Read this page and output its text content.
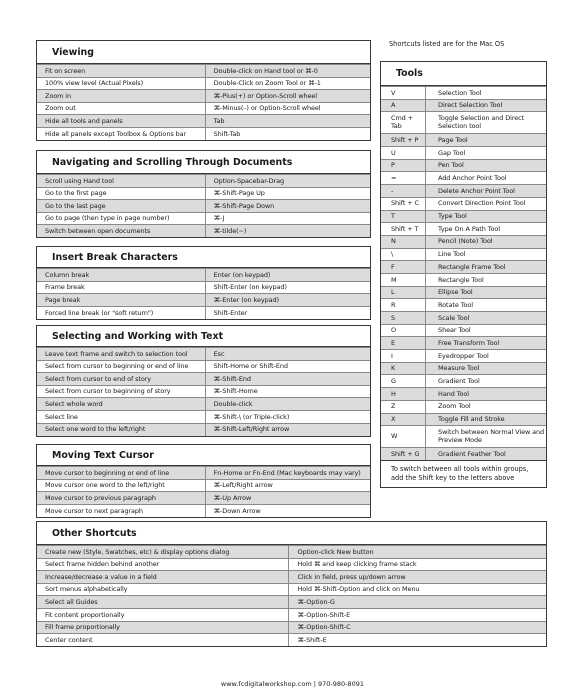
Shortcuts listed are for the Mac OS
Viewing
Fit on screen	Double-click on Hand tool or ⌘-0
100% view level (Actual Pixels)	Double-Click on Zoom Tool or ⌘-1
Zoom in	⌘-Plus(+) or Option-Scroll wheel
Zoom out	⌘-Minus(–) or Option-Scroll wheel
Hide all tools and panels	Tab
Hide all panels except Toolbox & Options bar	Shift-Tab
Navigating and Scrolling Through Documents
Scroll using Hand tool	Option-Spacebar-Drag
Go to the first page	⌘-Shift-Page Up
Go to the last page	⌘-Shift-Page Down
Go to page (then type in page number)	⌘-J
Switch between open documents	⌘-tilde(~)
Insert Break Characters
Column break	Enter (on keypad)
Frame break	Shift-Enter (on keypad)
Page break	⌘-Enter (on keypad)
Forced line break (or "soft return")	Shift-Enter
Selecting and Working with Text
Leave text frame and switch to selection tool	Esc
Select from cursor to beginning or end of line	Shift-Home or Shift-End
Select from cursor to end of story	⌘-Shift-End
Select from cursor to beginning of story	⌘-Shift-Home
Select whole word	Double-click
Select line	⌘-Shift-\ (or Triple-click)
Select one word to the left/right	⌘-Shift-Left/Right arrow
Moving Text Cursor
Move cursor to beginning or end of line	Fn-Home or Fn-End (Mac keyboards may vary)
Move cursor one word to the left/right	⌘-Left/Right arrow
Move cursor to previous paragraph	⌘-Up Arrow
Move cursor to next paragraph	⌘-Down Arrow
Other Shortcuts
Create new (Style, Swatches, etc) & display options dialog	Option-click New button
Select frame hidden behind another	Hold ⌘ and keep clicking frame stack
Increase/decrease a value in a field	Click in field, press up/down arrow
Sort menus alphabetically	Hold ⌘-Shift-Option and click on Menu
Select all Guides	⌘-Option-G
Fit content proportionally	⌘-Option-Shift-E
Fill frame proportionally	⌘-Option-Shift-C
Center content	⌘-Shift-E
Tools
V	Selection Tool
A	Direct Selection Tool
Cmd + Tab	Toggle Selection and Direct Selection tool
Shift + P	Page Tool
U	Gap Tool
P	Pen Tool
=	Add Anchor Point Tool
-	Delete Anchor Point Tool
Shift + C	Convert Direction Point Tool
T	Type Tool
Shift + T	Type On A Path Tool
N	Pencil (Note) Tool
\	Line Tool
F	Rectangle Frame Tool
M	Rectangle Tool
L	Ellipse Tool
R	Rotate Tool
S	Scale Tool
O	Shear Tool
E	Free Transform Tool
I	Eyedropper Tool
K	Measure Tool
G	Gradient Tool
H	Hand Tool
Z	Zoom Tool
X	Toggle Fill and Stroke
W	Switch between Normal View and Preview Mode
Shift + G	Gradient Feather Tool
To switch between all tools within groups, add the Shift key to the letters above
www.fcdigitalworkshop.com | 970-980-8091
